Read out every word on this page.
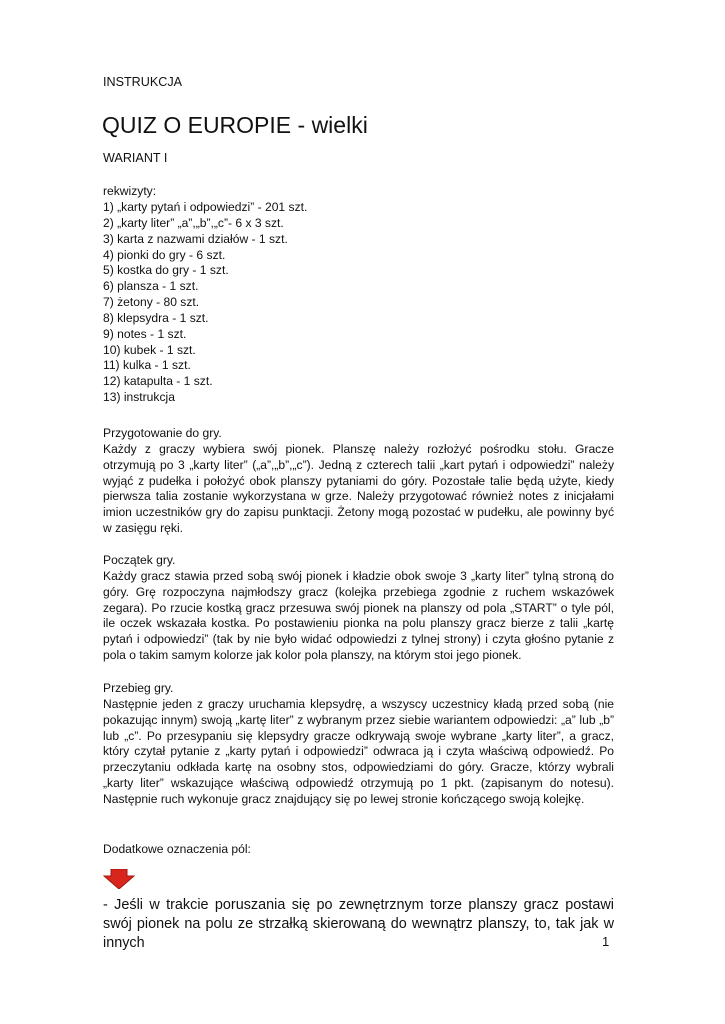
INSTRUKCJA
QUIZ O EUROPIE - wielki
WARIANT I
rekwizyty:
1) „karty pytań i odpowiedzi” - 201 szt.
2) „karty liter” „a”,„b”,„c”- 6 x 3 szt.
3) karta z nazwami działów - 1 szt.
4) pionki do gry - 6 szt.
5) kostka do gry - 1 szt.
6) plansza - 1 szt.
7) żetony - 80 szt.
8) klepsydra - 1 szt.
9) notes - 1 szt.
10) kubek - 1 szt.
11) kulka - 1 szt.
12) katapulta - 1 szt.
13) instrukcja
Przygotowanie do gry.
Każdy z graczy wybiera swój pionek. Planszę należy rozłożyć pośrodku stołu. Gracze otrzymują po 3 „karty liter” („a”,„b”,„c”). Jedną z czterech talii „kart pytań i odpowiedzi” należy wyjąć z pudełka i położyć obok planszy pytaniami do góry. Pozostałe talie będą użyte, kiedy pierwsza talia zostanie wykorzystana w grze. Należy przygotować również notes z inicjałami imion uczestników gry do zapisu punktacji. Żetony mogą pozostać w pudełku, ale powinny być w zasięgu ręki.
Początek gry.
Każdy gracz stawia przed sobą swój pionek i kładzie obok swoje 3 „karty liter” tylną stroną do góry. Grę rozpoczyna najmłodszy gracz (kolejka przebiega zgodnie z ruchem wskazówek zegara). Po rzucie kostką gracz przesuwa swój pionek na planszy od pola „START” o tyle pól, ile oczek wskazała kostka. Po postawieniu pionka na polu planszy gracz bierze z talii „kartę pytań i odpowiedzi” (tak by nie było widać odpowiedzi z tylnej strony) i czyta głośno pytanie z pola o takim samym kolorze jak kolor pola planszy, na którym stoi jego pionek.
Przebieg gry.
Następnie jeden z graczy uruchamia klepsydrę, a wszyscy uczestnicy kładą przed sobą (nie pokazując innym) swoją „kartę liter” z wybranym przez siebie wariantem odpowiedzi: „a” lub „b” lub „c”. Po przesypaniu się klepsydry gracze odkrywają swoje wybrane „karty liter”, a gracz, który czytał pytanie z „karty pytań i odpowiedzi” odwraca ją i czyta właściwą odpowiedź. Po przeczytaniu odkłada kartę na osobny stos, odpowiedziami do góry. Gracze, którzy wybrali „karty liter” wskazujące właściwą odpowiedź otrzymują po 1 pkt. (zapisanym do notesu). Następnie ruch wykonuje gracz znajdujący się po lewej stronie kończącego swoją kolejkę.
Dodatkowe oznaczenia pól:

- Jeśli w trakcie poruszania się po zewnętrznym torze planszy gracz postawi swój pionek na polu ze strzałką skierowaną do wewnątrz planszy, to, tak jak w innych	1
